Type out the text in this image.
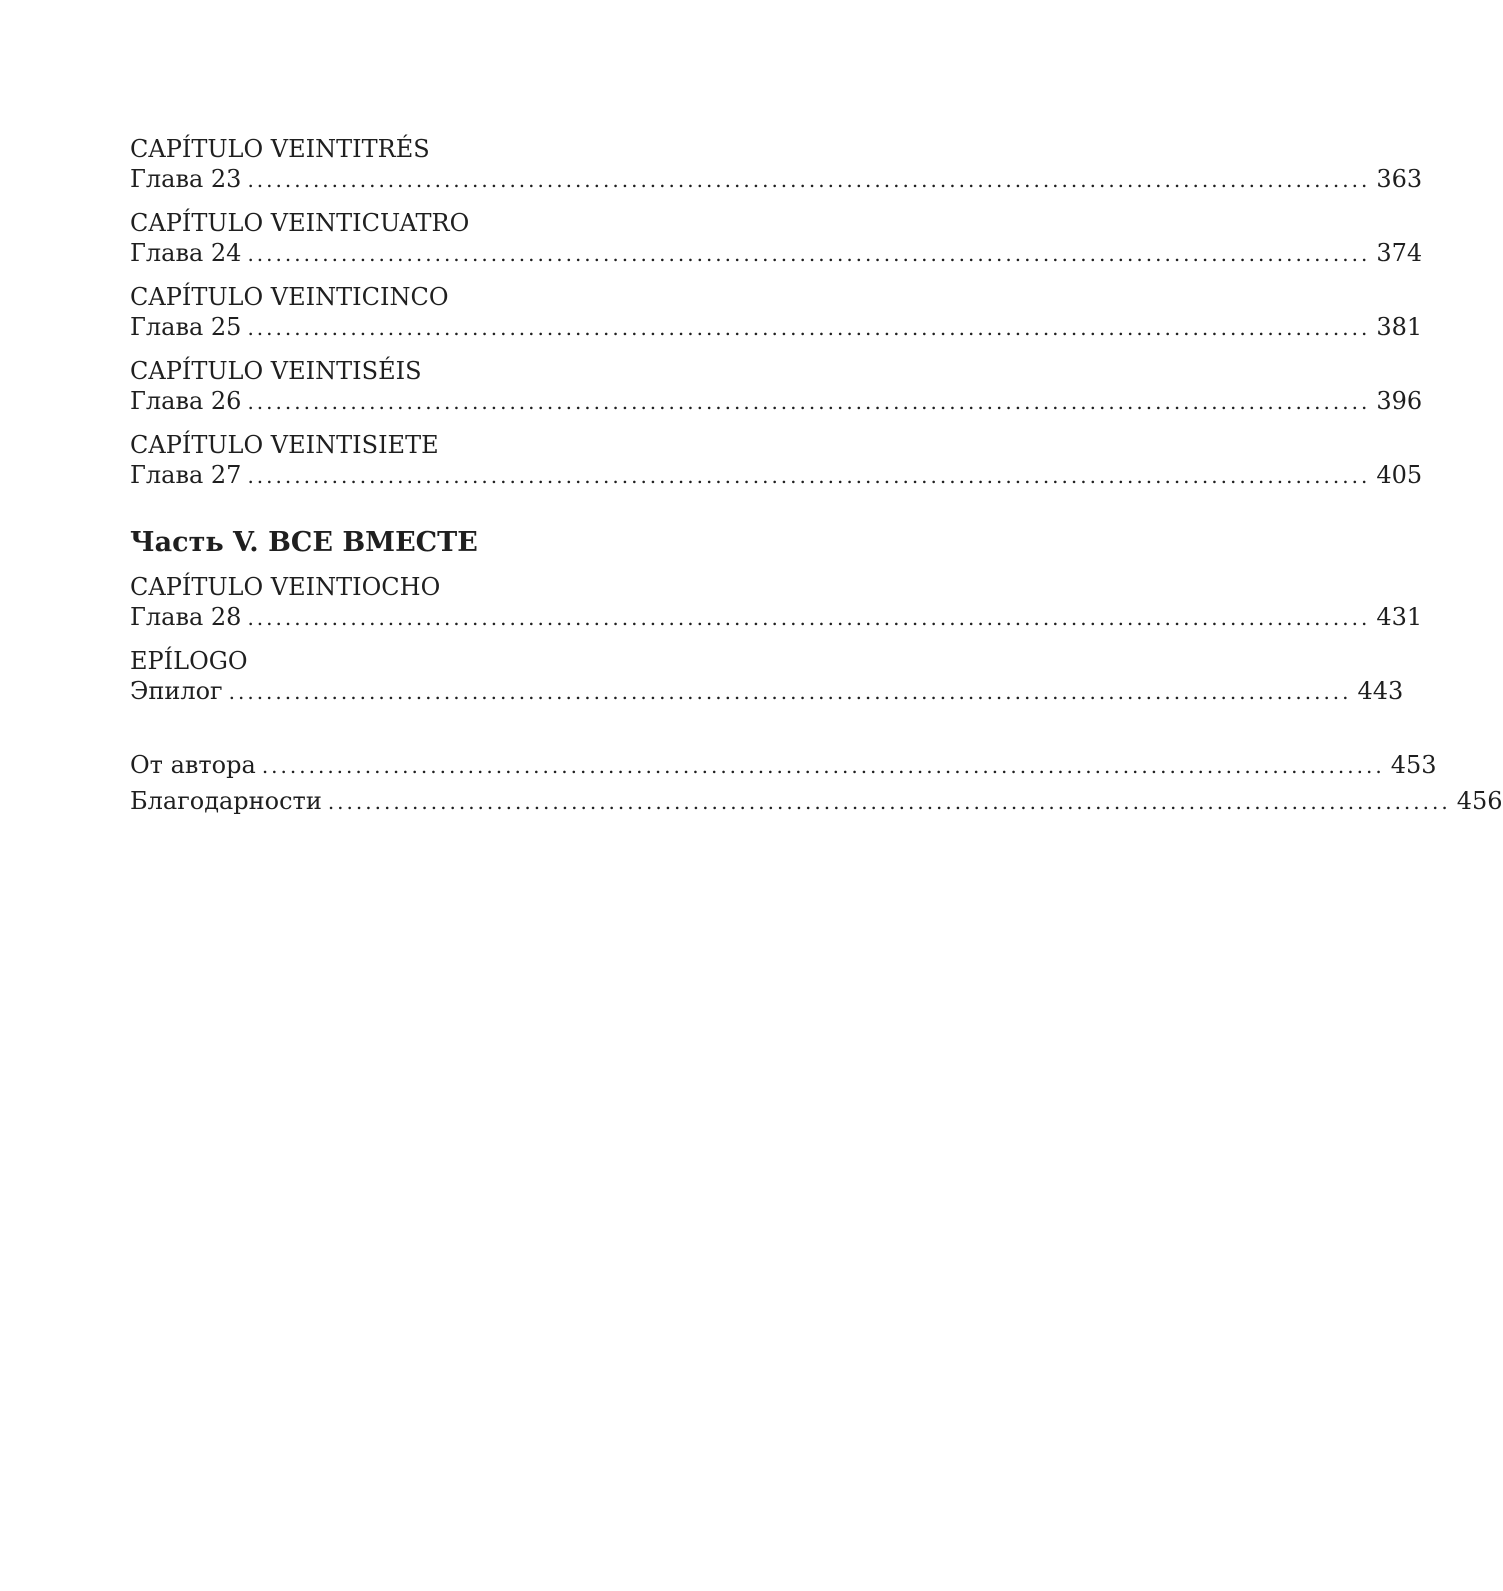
CAPÍTULO VEINTITRÉS
Глава 23 ........................................................................................................................ 363
CAPÍTULO VEINTICUATRO
Глава 24 ........................................................................................................................ 374
CAPÍTULO VEINTICINCO
Глава 25 ........................................................................................................................ 381
CAPÍTULO VEINTISÉIS
Глава 26 ........................................................................................................................ 396
CAPÍTULO VEINTISIETE
Глава 27 ........................................................................................................................ 405
Часть V. ВСЕ ВМЕСТЕ
CAPÍTULO VEINTIOCHO
Глава 28 ........................................................................................................................ 431
EPÍLOGO
Эпилог ........................................................................................................................ 443
От автора ........................................................................................................................ 453
Благодарности ........................................................................................................................ 456
